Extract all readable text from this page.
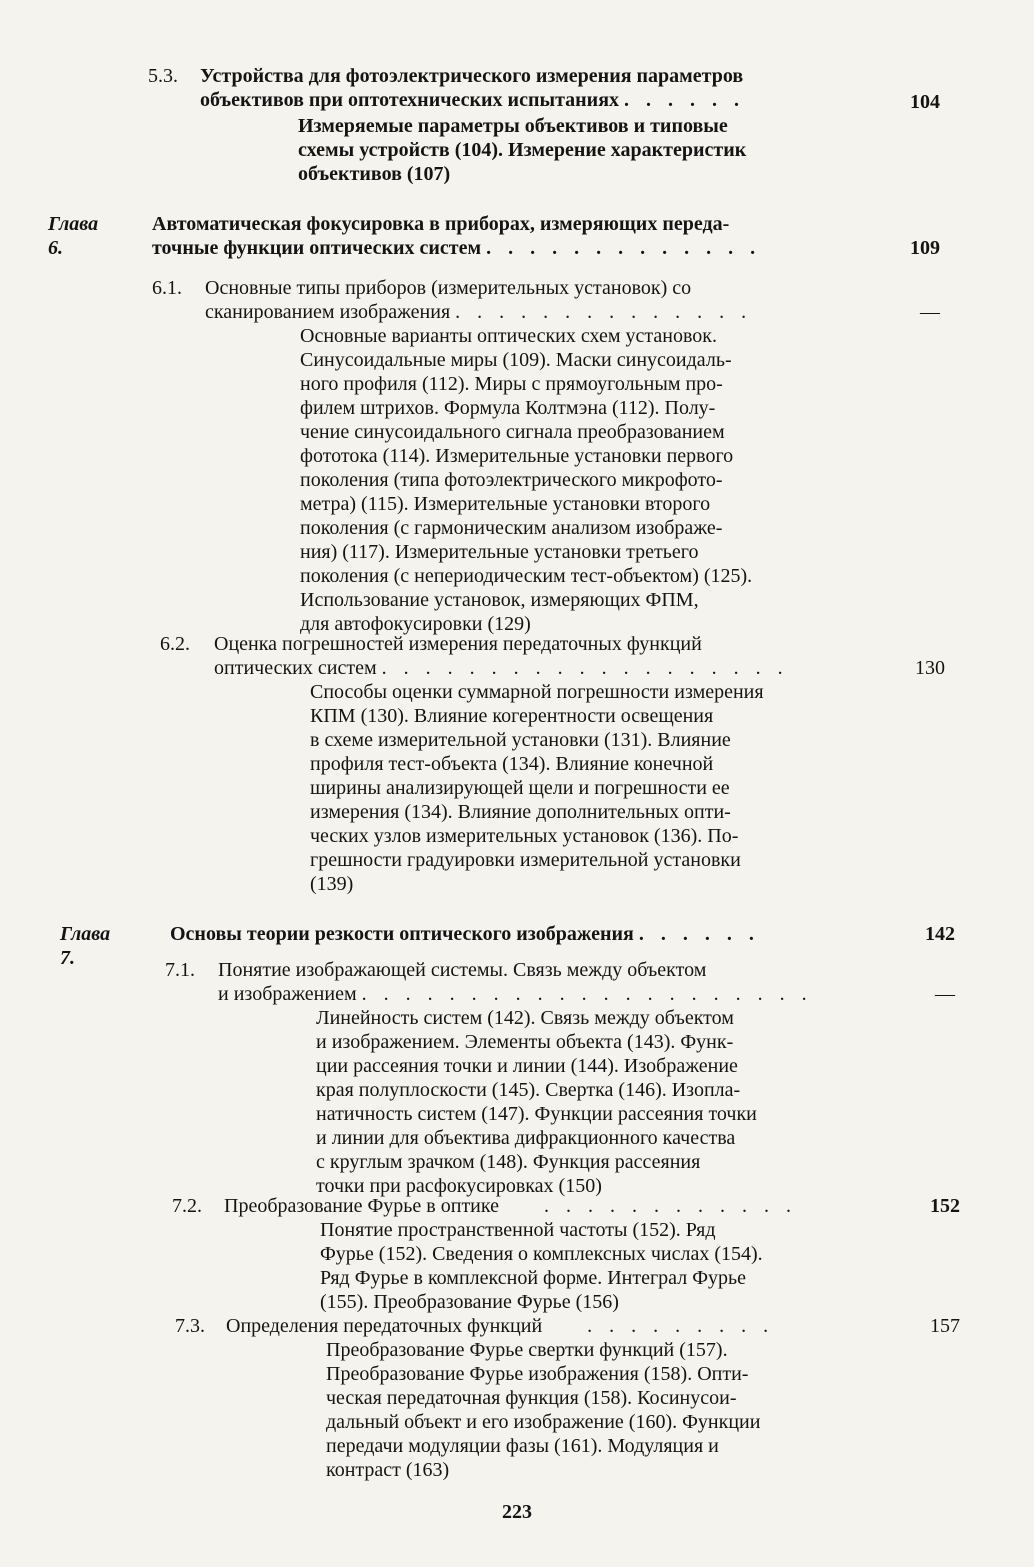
5.3. Устройства для фотоэлектрического измерения параметров
объективов при оптотехнических испытаниях . . . . . .	104
Измеряемые параметры объективов и типовые
схемы устройств (104). Измерение характеристик
объективов (107)
Глава 6.
Автоматическая фокусировка в приборах, измеряющих переда-
точные функции оптических систем . . . . . . . . . . . . .	109
6.1. Основные типы приборов (измерительных установок) со
сканированием изображения . . . . . . . . . . . . . .	—
Основные варианты оптических схем установок.
Синусоидальные миры (109). Маски синусоидаль-
ного профиля (112). Миры с прямоугольным про-
филем штрихов. Формула Колтмэна (112). Полу-
чение синусоидального сигнала преобразованием
фототока (114). Измерительные установки первого
поколения (типа фотоэлектрического микрофото-
метра) (115). Измерительные установки второго
поколения (с гармоническим анализом изображе-
ния) (117). Измерительные установки третьего
поколения (с непериодическим тест-объектом) (125).
Использование установок, измеряющих ФПМ,
для автофокусировки (129)
6.2. Оценка погрешностей измерения передаточных функций
оптических систем . . . . . . . . . . . . . . . . . . .	130
Способы оценки суммарной погрешности измерения
КПМ (130). Влияние когерентности освещения
в схеме измерительной установки (131). Влияние
профиля тест-объекта (134). Влияние конечной
ширины анализирующей щели и погрешности ее
измерения (134). Влияние дополнительных опти-
ческих узлов измерительных установок (136). По-
грешности градуировки измерительной установки
(139)
Глава 7.
Основы теории резкости оптического изображения . . . . . .	142
7.1. Понятие изображающей системы. Связь между объектом
и изображением . . . . . . . . . . . . . . . . . . . . .	—
Линейность систем (142). Связь между объектом
и изображением. Элементы объекта (143). Функ-
ции рассеяния точки и линии (144). Изображение
края полуплоскости (145). Свертка (146). Изопла-
натичность систем (147). Функции рассеяния точки
и линии для объектива дифракционного качества
с круглым зрачком (148). Функция рассеяния
точки при расфокусировках (150)
7.2. Преобразование Фурье в оптике . . . . . . . . . . . .	152
Понятие пространственной частоты (152). Ряд
Фурье (152). Сведения о комплексных числах (154).
Ряд Фурье в комплексной форме. Интеграл Фурье
(155). Преобразование Фурье (156)
7.3. Определения передаточных функций . . . . . . . . .	157
Преобразование Фурье свертки функций (157).
Преобразование Фурье изображения (158). Опти-
ческая передаточная функция (158). Косинусои-
дальный объект и его изображение (160). Функции
передачи модуляции фазы (161). Модуляция и
контраст (163)
223
